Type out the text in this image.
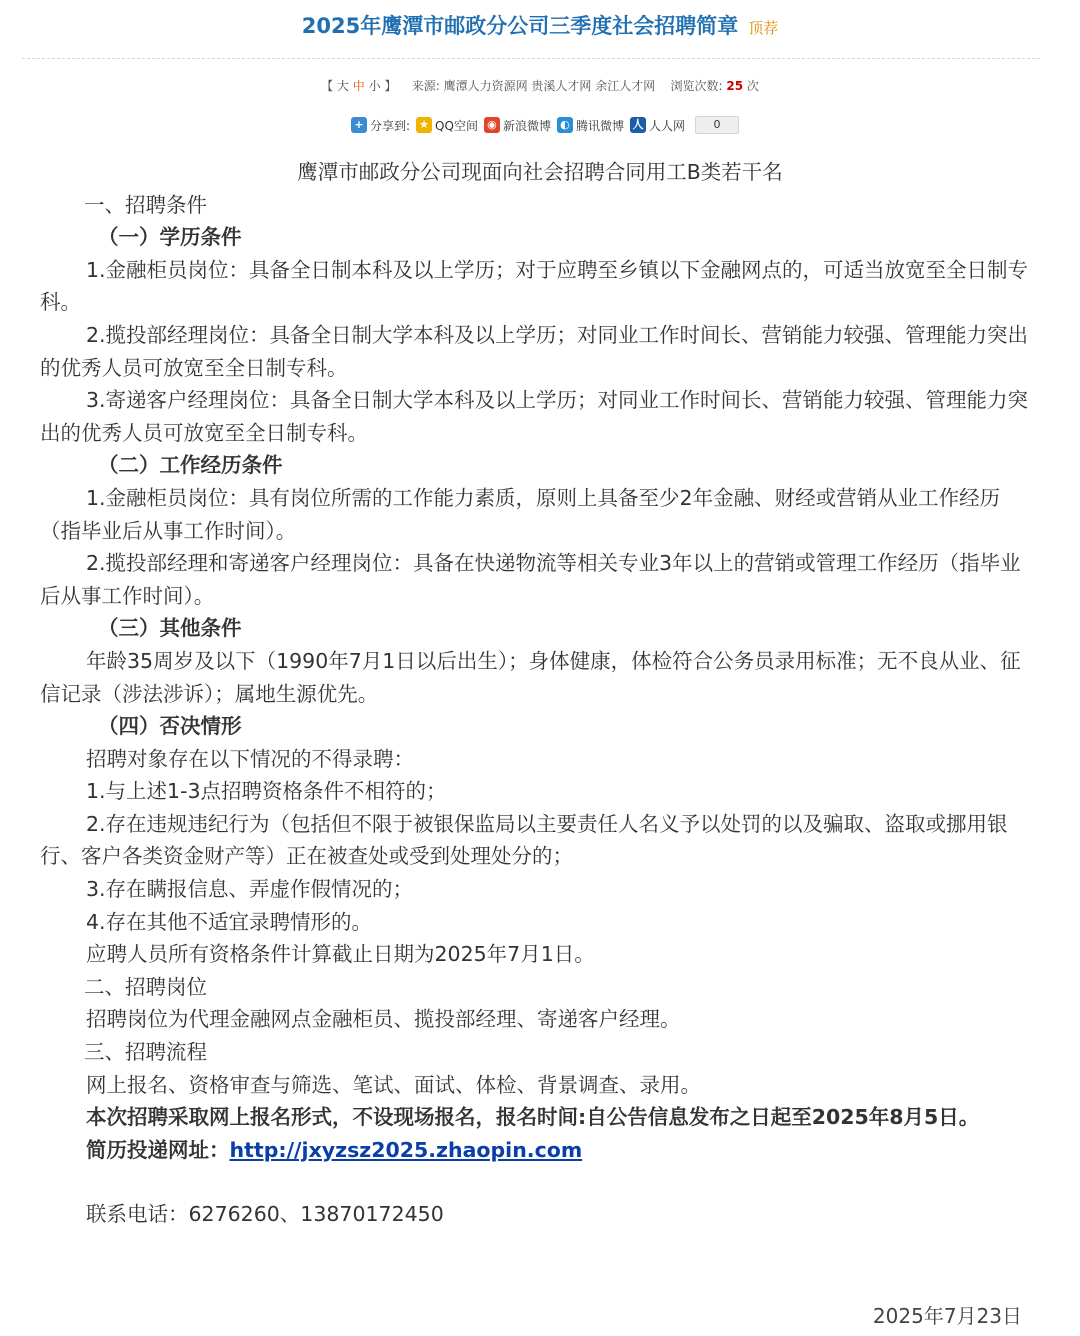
2025年鹰潭市邮政分公司三季度社会招聘简章 顶荐
【 大 中 小 】 来源: 鹰潭人力资源网 贵溪人才网 余江人才网 浏览次数: 25 次
+ 分享到: ★ QQ空间 ◉ 新浪微博 ◐ 腾讯微博 人 人人网	0

鹰潭市邮政分公司现面向社会招聘合同用工B类若干名

一、招聘条件

（一）学历条件

1.金融柜员岗位：具备全日制本科及以上学历；对于应聘至乡镇以下金融网点的，可适当放宽至全日制专科。

2.揽投部经理岗位：具备全日制大学本科及以上学历；对同业工作时间长、营销能力较强、管理能力突出的优秀人员可放宽至全日制专科。

3.寄递客户经理岗位：具备全日制大学本科及以上学历；对同业工作时间长、营销能力较强、管理能力突出的优秀人员可放宽至全日制专科。

（二）工作经历条件

1.金融柜员岗位：具有岗位所需的工作能力素质，原则上具备至少2年金融、财经或营销从业工作经历（指毕业后从事工作时间）。

2.揽投部经理和寄递客户经理岗位：具备在快递物流等相关专业3年以上的营销或管理工作经历（指毕业后从事工作时间）。

（三）其他条件

年龄35周岁及以下（1990年7月1日以后出生）；身体健康，体检符合公务员录用标准；无不良从业、征信记录（涉法涉诉）；属地生源优先。

（四）否决情形

招聘对象存在以下情况的不得录聘：

1.与上述1-3点招聘资格条件不相符的；

2.存在违规违纪行为（包括但不限于被银保监局以主要责任人名义予以处罚的以及骗取、盗取或挪用银行、客户各类资金财产等）正在被查处或受到处理处分的；

3.存在瞒报信息、弄虚作假情况的；

4.存在其他不适宜录聘情形的。

应聘人员所有资格条件计算截止日期为2025年7月1日。

二、招聘岗位

招聘岗位为代理金融网点金融柜员、揽投部经理、寄递客户经理。

三、招聘流程

网上报名、资格审查与筛选、笔试、面试、体检、背景调查、录用。

本次招聘采取网上报名形式，不设现场报名，报名时间:自公告信息发布之日起至2025年8月5日。

简历投递网址：http://jxyzsz2025.zhaopin.com

联系电话：6276260、13870172450

2025年7月23日
